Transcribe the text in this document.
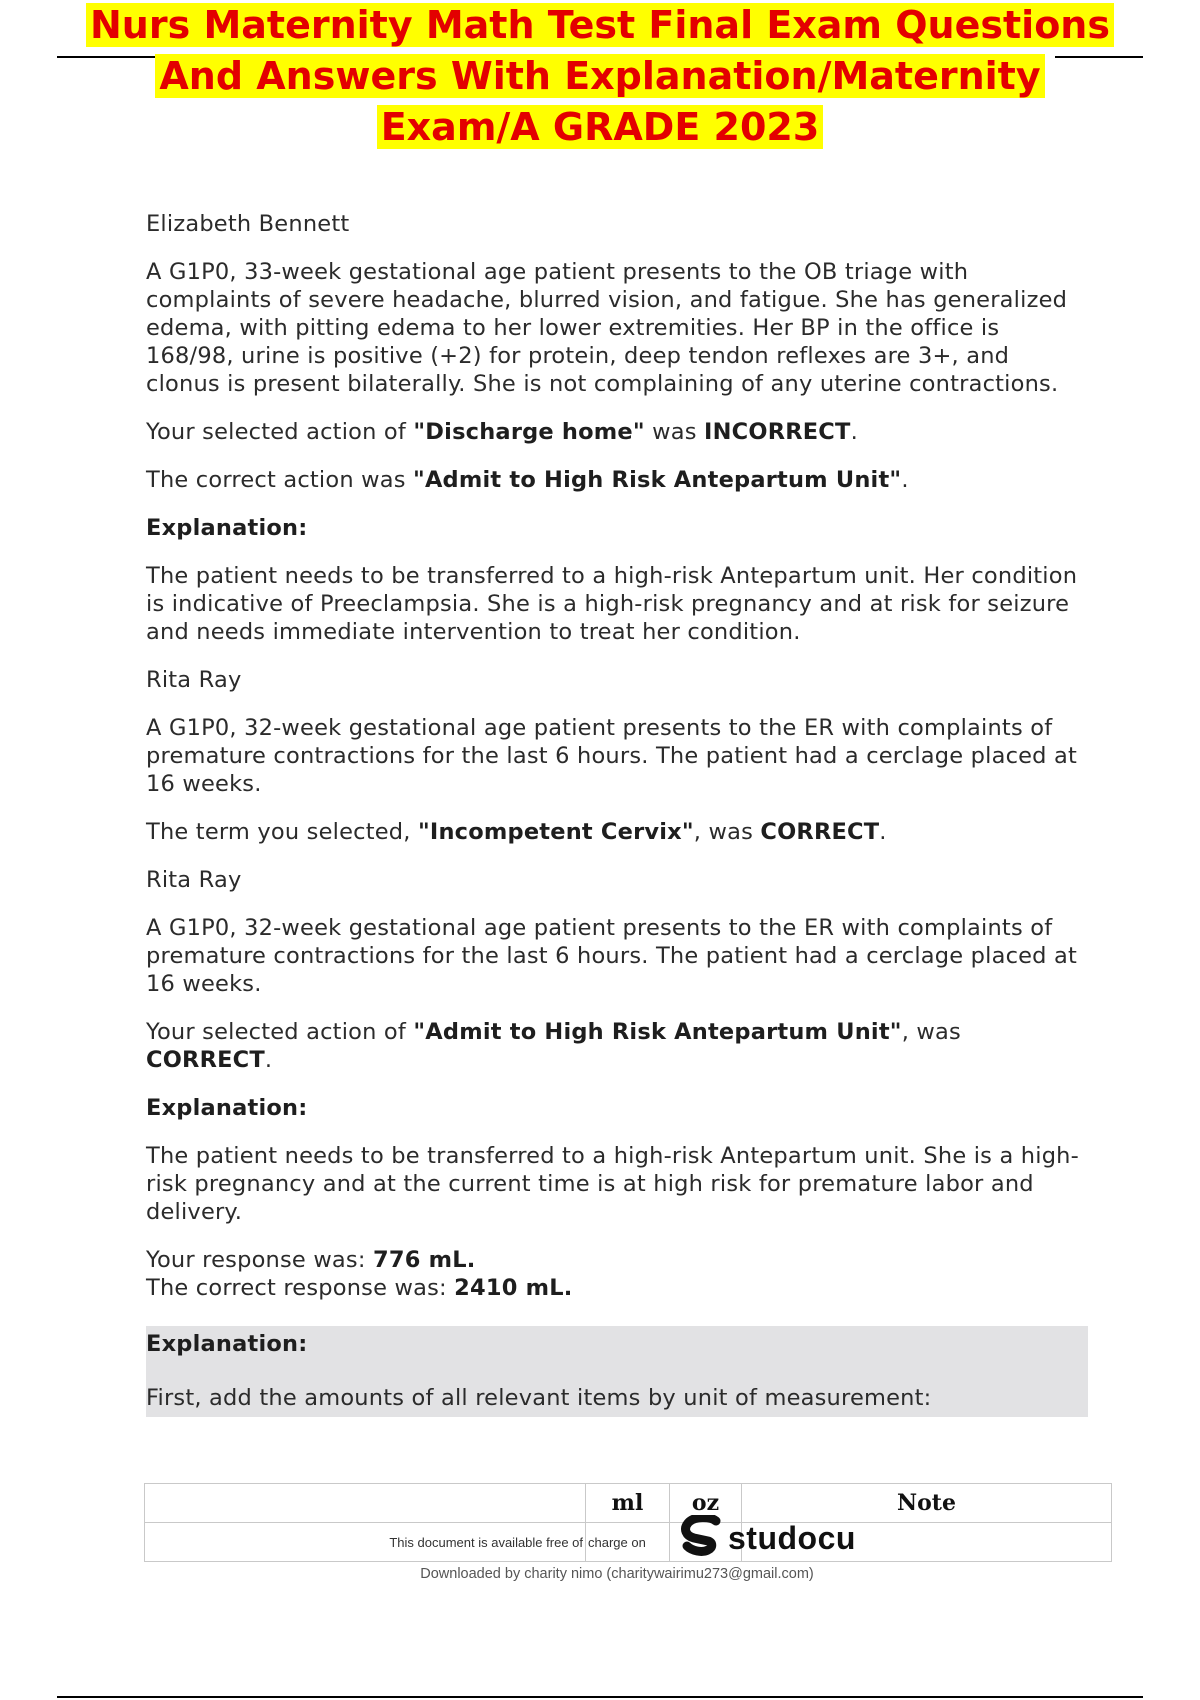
Nurs Maternity Math Test Final Exam Questions
And Answers With Explanation/Maternity
Exam/A GRADE 2023

Elizabeth Bennett

A G1P0, 33-week gestational age patient presents to the OB triage with complaints of severe headache, blurred vision, and fatigue. She has generalized edema, with pitting edema to her lower extremities. Her BP in the office is 168/98, urine is positive (+2) for protein, deep tendon reflexes are 3+, and clonus is present bilaterally. She is not complaining of any uterine contractions.

Your selected action of "Discharge home" was INCORRECT.

The correct action was "Admit to High Risk Antepartum Unit".

Explanation:

The patient needs to be transferred to a high-risk Antepartum unit. Her condition is indicative of Preeclampsia. She is a high-risk pregnancy and at risk for seizure and needs immediate intervention to treat her condition.

Rita Ray

A G1P0, 32-week gestational age patient presents to the ER with complaints of premature contractions for the last 6 hours. The patient had a cerclage placed at 16 weeks.

The term you selected, "Incompetent Cervix", was CORRECT.

Rita Ray

A G1P0, 32-week gestational age patient presents to the ER with complaints of premature contractions for the last 6 hours. The patient had a cerclage placed at 16 weeks.

Your selected action of "Admit to High Risk Antepartum Unit", was CORRECT.

Explanation:

The patient needs to be transferred to a high-risk Antepartum unit. She is a high-risk pregnancy and at the current time is at high risk for premature labor and delivery.

Your response was: 776 mL.
The correct response was: 2410 mL.

Explanation:

First, add the amounts of all relevant items by unit of measurement:

	ml	oz	Note
This document is available free of	charge on			studocu
Downloaded by charity nimo (charitywairimu273@gmail.com)
